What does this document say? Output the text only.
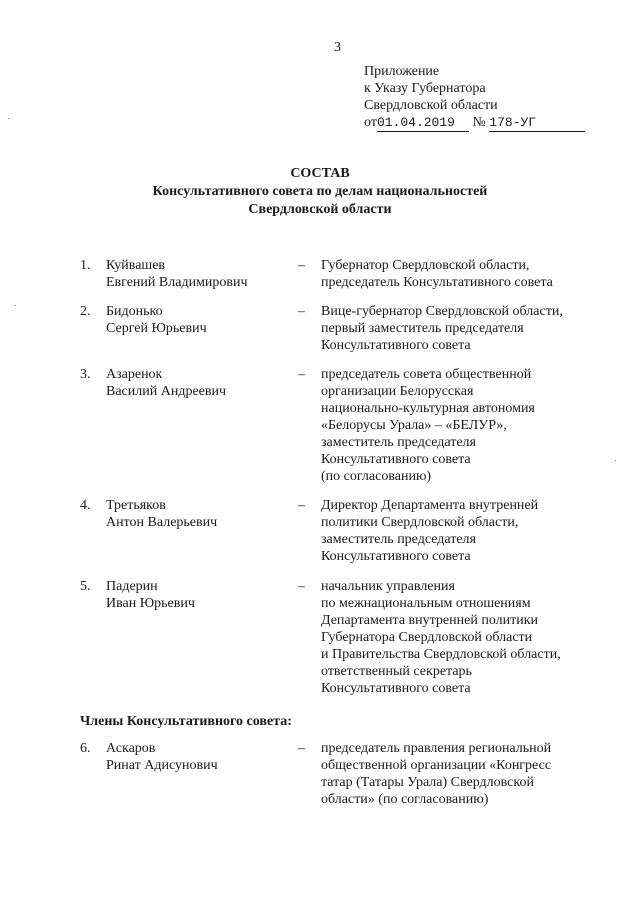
3
Приложение
к Указу Губернатора
Свердловской области
от01.04.2019 № 178-УГ
СОСТАВ
Консультативного совета по делам национальностей
Свердловской области
1. Куйвашев
Евгений Владимирович
– Губернатор Свердловской области,
председатель Консультативного совета
2. Бидонько
Сергей Юрьевич
– Вице-губернатор Свердловской области,
первый заместитель председателя
Консультативного совета
3. Азаренок
Василий Андреевич
– председатель совета общественной
организации Белорусская
национально-культурная автономия
«Белорусы Урала» – «БЕЛУР»,
заместитель председателя
Консультативного совета
(по согласованию)
4. Третьяков
Антон Валерьевич
– Директор Департамента внутренней
политики Свердловской области,
заместитель председателя
Консультативного совета
5. Падерин
Иван Юрьевич
– начальник управления
по межнациональным отношениям
Департамента внутренней политики
Губернатора Свердловской области
и Правительства Свердловской области,
ответственный секретарь
Консультативного совета
Члены Консультативного совета:
6. Аскаров
Ринат Адисунович
– председатель правления региональной
общественной организации «Конгресс
татар (Татары Урала) Свердловской
области» (по согласованию)
